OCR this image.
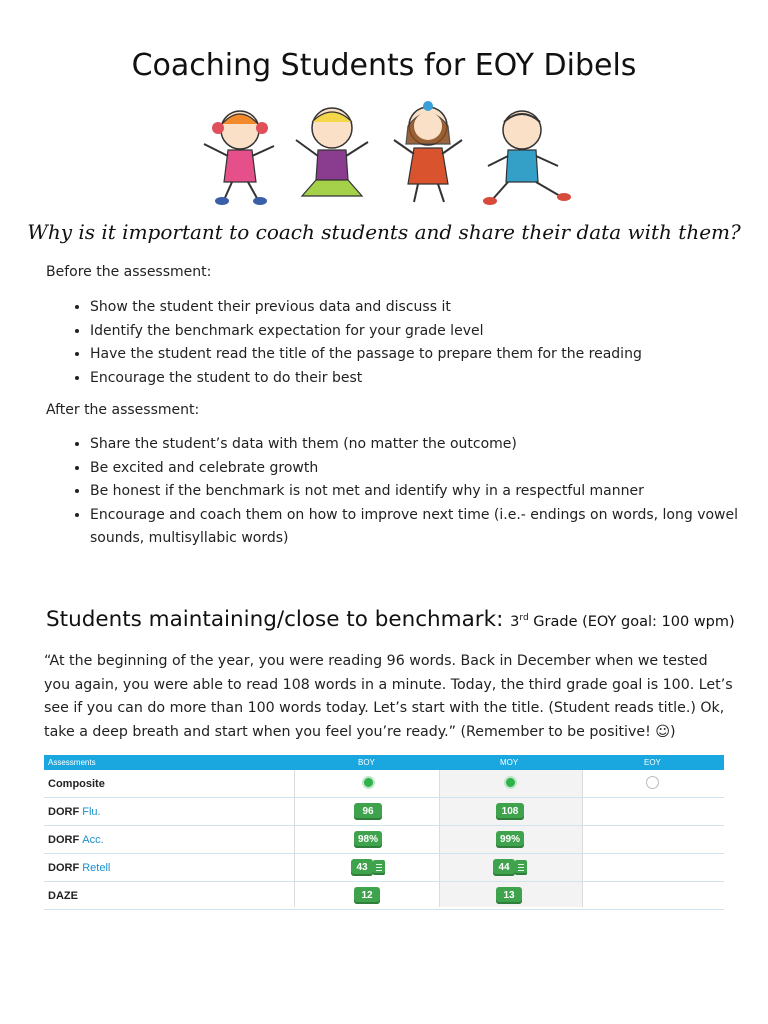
Coaching Students for EOY Dibels
Why is it important to coach students and share their data with them?
Before the assessment:
• Show the student their previous data and discuss it
• Identify the benchmark expectation for your grade level
• Have the student read the title of the passage to prepare them for the reading
• Encourage the student to do their best
After the assessment:
• Share the student’s data with them (no matter the outcome)
• Be excited and celebrate growth
• Be honest if the benchmark is not met and identify why in a respectful manner
• Encourage and coach them on how to improve next time (i.e.- endings on words, long vowel sounds, multisyllabic words)
Students maintaining/close to benchmark: 3rd Grade (EOY goal: 100 wpm)
“At the beginning of the year, you were reading 96 words. Back in December when we tested you again, you were able to read 108 words in a minute. Today, the third grade goal is 100. Let’s see if you can do more than 100 words today. Let’s start with the title. (Student reads title.) Ok, take a deep breath and start when you feel you’re ready.” (Remember to be positive! ☺)
Assessments	BOY	MOY	EOY
Composite
DORF Flu.	96	108
DORF Acc.	98%	99%
DORF Retell	43	44
DAZE	12	13
